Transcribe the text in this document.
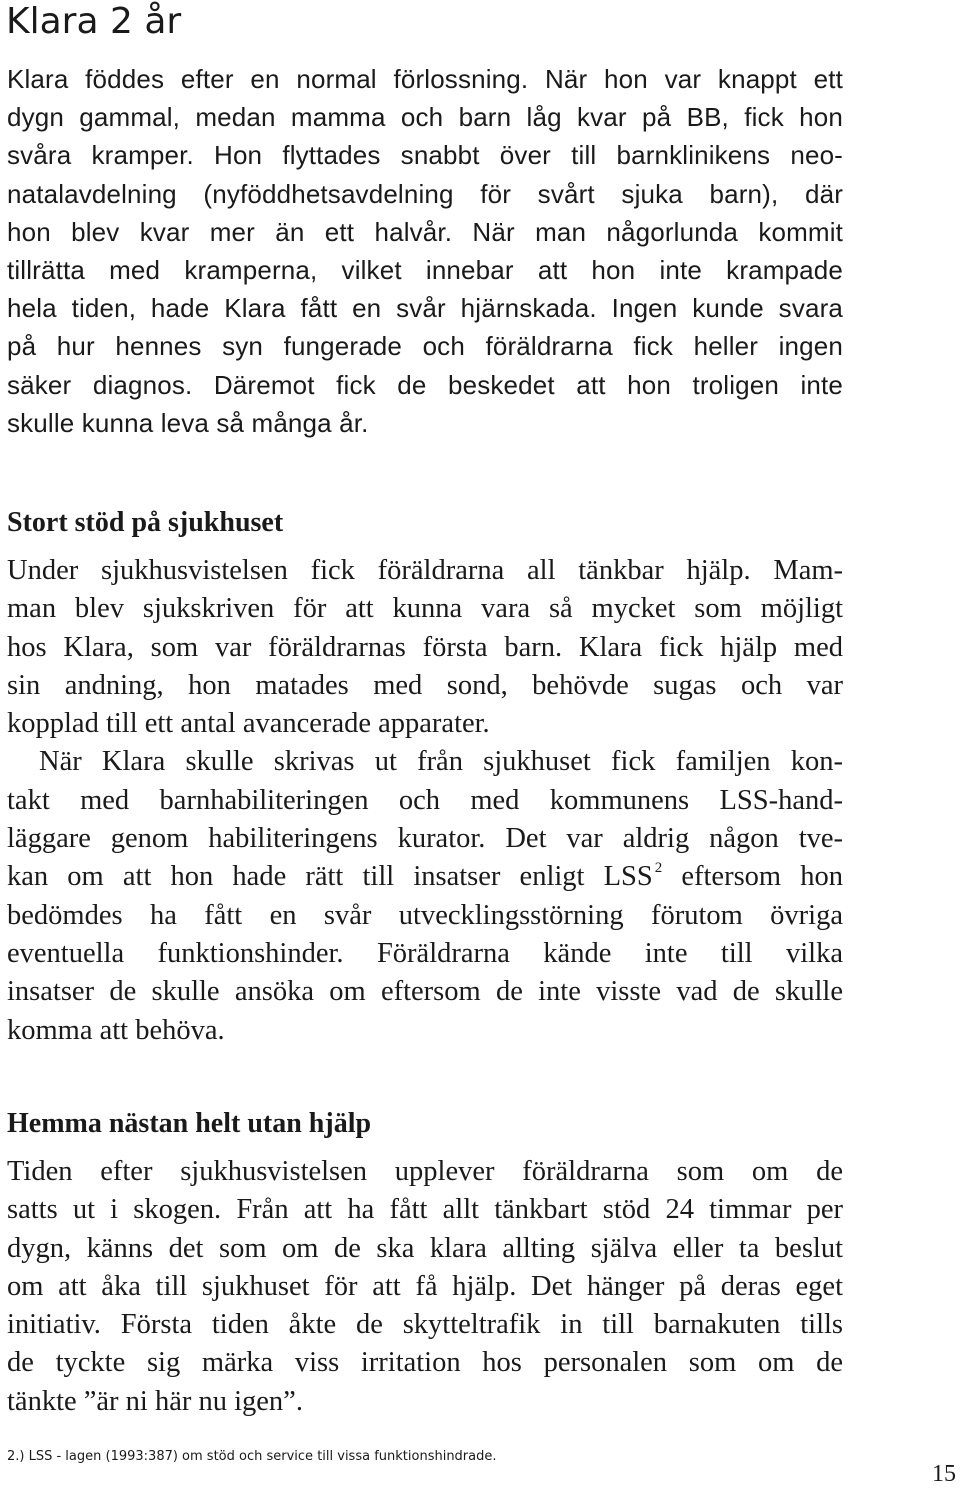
Klara 2 år
Klara föddes efter en normal förlossning. När hon var knappt ett
dygn gammal, medan mamma och barn låg kvar på BB, fick hon
svåra kramper. Hon flyttades snabbt över till barnklinikens neo-
natalavdelning (nyföddhetsavdelning för svårt sjuka barn), där
hon blev kvar mer än ett halvår. När man någorlunda kommit
tillrätta med kramperna, vilket innebar att hon inte krampade
hela tiden, hade Klara fått en svår hjärnskada. Ingen kunde svara
på hur hennes syn fungerade och föräldrarna fick heller ingen
säker diagnos. Däremot fick de beskedet att hon troligen inte
skulle kunna leva så många år.
Stort stöd på sjukhuset
Under sjukhusvistelsen fick föräldrarna all tänkbar hjälp. Mam-
man blev sjukskriven för att kunna vara så mycket som möjligt
hos Klara, som var föräldrarnas första barn. Klara fick hjälp med
sin andning, hon matades med sond, behövde sugas och var
kopplad till ett antal avancerade apparater.
När Klara skulle skrivas ut från sjukhuset fick familjen kon-
takt med barnhabiliteringen och med kommunens LSS-hand-
läggare genom habiliteringens kurator. Det var aldrig någon tve-
kan om att hon hade rätt till insatser enligt LSS $^2$ eftersom hon
bedömdes ha fått en svår utvecklingsstörning förutom övriga
eventuella funktionshinder. Föräldrarna kände inte till vilka
insatser de skulle ansöka om eftersom de inte visste vad de skulle
komma att behöva.
Hemma nästan helt utan hjälp
Tiden efter sjukhusvistelsen upplever föräldrarna som om de
satts ut i skogen. Från att ha fått allt tänkbart stöd 24 timmar per
dygn, känns det som om de ska klara allting själva eller ta beslut
om att åka till sjukhuset för att få hjälp. Det hänger på deras eget
initiativ. Första tiden åkte de skytteltrafik in till barnakuten tills
de tyckte sig märka viss irritation hos personalen som om de
tänkte ”är ni här nu igen”.
2.) LSS - lagen (1993:387) om stöd och service till vissa funktionshindrade.
15
